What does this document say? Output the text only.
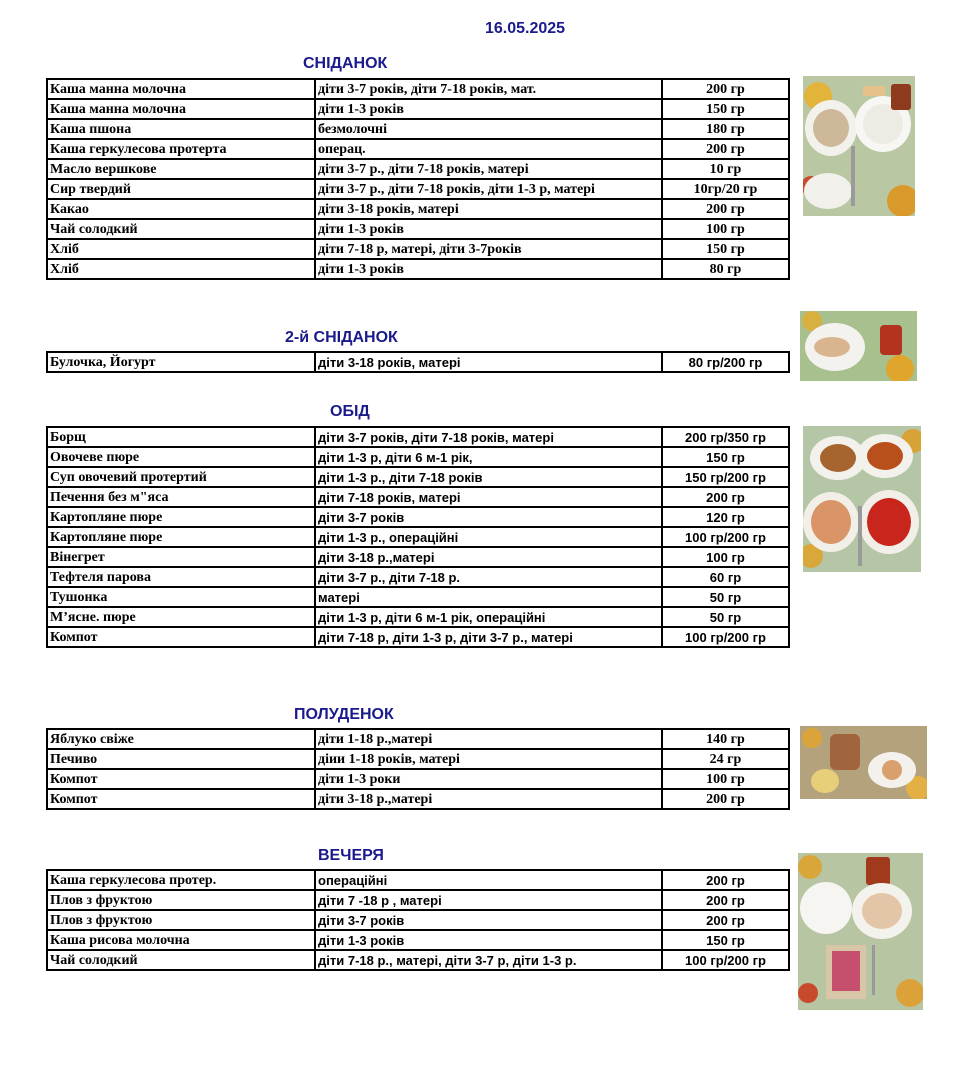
16.05.2025
СНІДАНОК
Каша манна молочна	діти 3-7 років, діти 7-18 років, мат.	200 гр
Каша манна молочна	діти 1-3 років	150 гр
Каша пшона	безмолочні	180 гр
Каша геркулесова протерта	операц.	200 гр
Масло вершкове	діти 3-7 р., діти 7-18 років, матері	10 гр
Сир твердий	діти 3-7 р., діти 7-18 років, діти 1-3 р, матері	10гр/20 гр
Какао	діти 3-18 років, матері	200 гр
Чай солодкий	діти 1-3 років	100 гр
Хліб	діти 7-18 р, матері, діти 3-7років	150 гр
Хліб	діти 1-3 років	80 гр
2-й СНІДАНОК
Булочка, Йогурт	діти 3-18 років, матері	80 гр/200 гр
ОБІД
Борщ	діти 3-7 років, діти 7-18 років, матері	200 гр/350 гр
Овочеве пюре	діти 1-3 р, діти 6 м-1 рік,	150 гр
Суп овочевий протертий	діти 1-3 р., діти 7-18 років	150 гр/200 гр
Печення без м"яса	діти 7-18 років, матері	200 гр
Картопляне пюре	діти 3-7 років	120 гр
Картопляне пюре	діти 1-3 р., операційні	100 гр/200 гр
Вінегрет	діти 3-18 р.,матері	100 гр
Тефтеля парова	діти 3-7 р., діти 7-18 р.	60 гр
Тушонка	матері	50 гр
М’ясне. пюре	діти 1-3 р, діти 6 м-1 рік, операційні	50 гр
Компот	діти 7-18 р, діти 1-3 р, діти 3-7 р., матері	100 гр/200 гр
ПОЛУДЕНОК
Яблуко свіже	діти 1-18 р.,матері	140 гр
Печиво	діии 1-18 років, матері	24 гр
Компот	діти 1-3 роки	100 гр
Компот	діти 3-18 р.,матері	200 гр
ВЕЧЕРЯ
Каша геркулесова протер.	операційні	200 гр
Плов з фруктою	діти 7 -18 р , матері	200 гр
Плов з фруктою	діти 3-7 років	200 гр
Каша рисова молочна	діти 1-3 років	150 гр
Чай солодкий	діти 7-18 р., матері, діти 3-7 р, діти 1-3 р.	100 гр/200 гр
